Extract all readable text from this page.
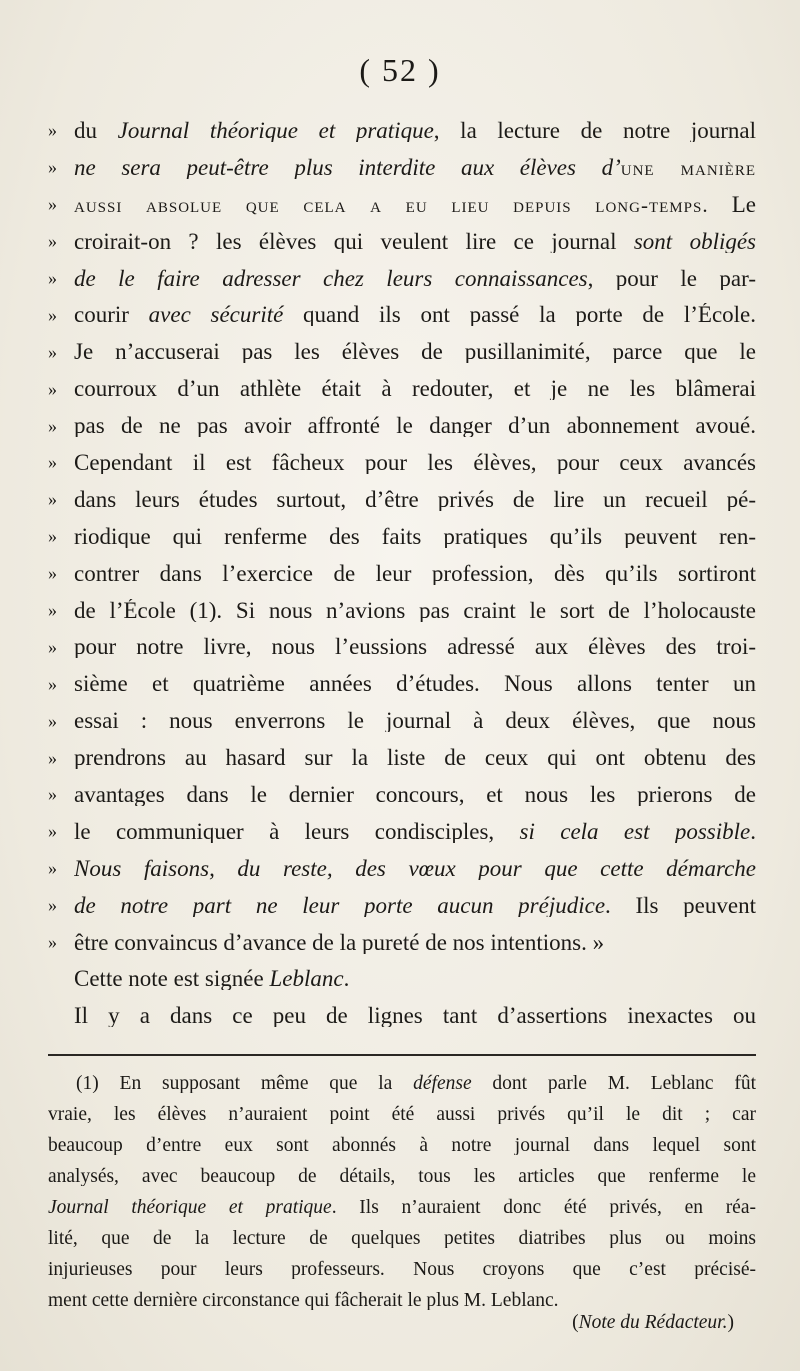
( 52 )
» du Journal théorique et pratique, la lecture de notre journal
» ne sera peut-être plus interdite aux élèves d’une manière
» aussi absolue que cela a eu lieu depuis long-temps. Le
» croirait-on ? les élèves qui veulent lire ce journal sont obligés
» de le faire adresser chez leurs connaissances, pour le par-
» courir avec sécurité quand ils ont passé la porte de l’École.
» Je n’accuserai pas les élèves de pusillanimité, parce que le
» courroux d’un athlète était à redouter, et je ne les blâmerai
» pas de ne pas avoir affronté le danger d’un abonnement avoué.
» Cependant il est fâcheux pour les élèves, pour ceux avancés
» dans leurs études surtout, d’être privés de lire un recueil pé-
» riodique qui renferme des faits pratiques qu’ils peuvent ren-
» contrer dans l’exercice de leur profession, dès qu’ils sortiront
» de l’École (1). Si nous n’avions pas craint le sort de l’holocauste
» pour notre livre, nous l’eussions adressé aux élèves des troi-
» sième et quatrième années d’études. Nous allons tenter un
» essai : nous enverrons le journal à deux élèves, que nous
» prendrons au hasard sur la liste de ceux qui ont obtenu des
» avantages dans le dernier concours, et nous les prierons de
» le communiquer à leurs condisciples, si cela est possible.
» Nous faisons, du reste, des vœux pour que cette démarche
» de notre part ne leur porte aucun préjudice. Ils peuvent
» être convaincus d’avance de la pureté de nos intentions. »
Cette note est signée Leblanc.
Il y a dans ce peu de lignes tant d’assertions inexactes ou
(1) En supposant même que la défense dont parle M. Leblanc fût
vraie, les élèves n’auraient point été aussi privés qu’il le dit ; car
beaucoup d’entre eux sont abonnés à notre journal dans lequel sont
analysés, avec beaucoup de détails, tous les articles que renferme le
Journal théorique et pratique. Ils n’auraient donc été privés, en réa-
lité, que de la lecture de quelques petites diatribes plus ou moins
injurieuses pour leurs professeurs. Nous croyons que c’est précisé-
ment cette dernière circonstance qui fâcherait le plus M. Leblanc.
(Note du Rédacteur.)
